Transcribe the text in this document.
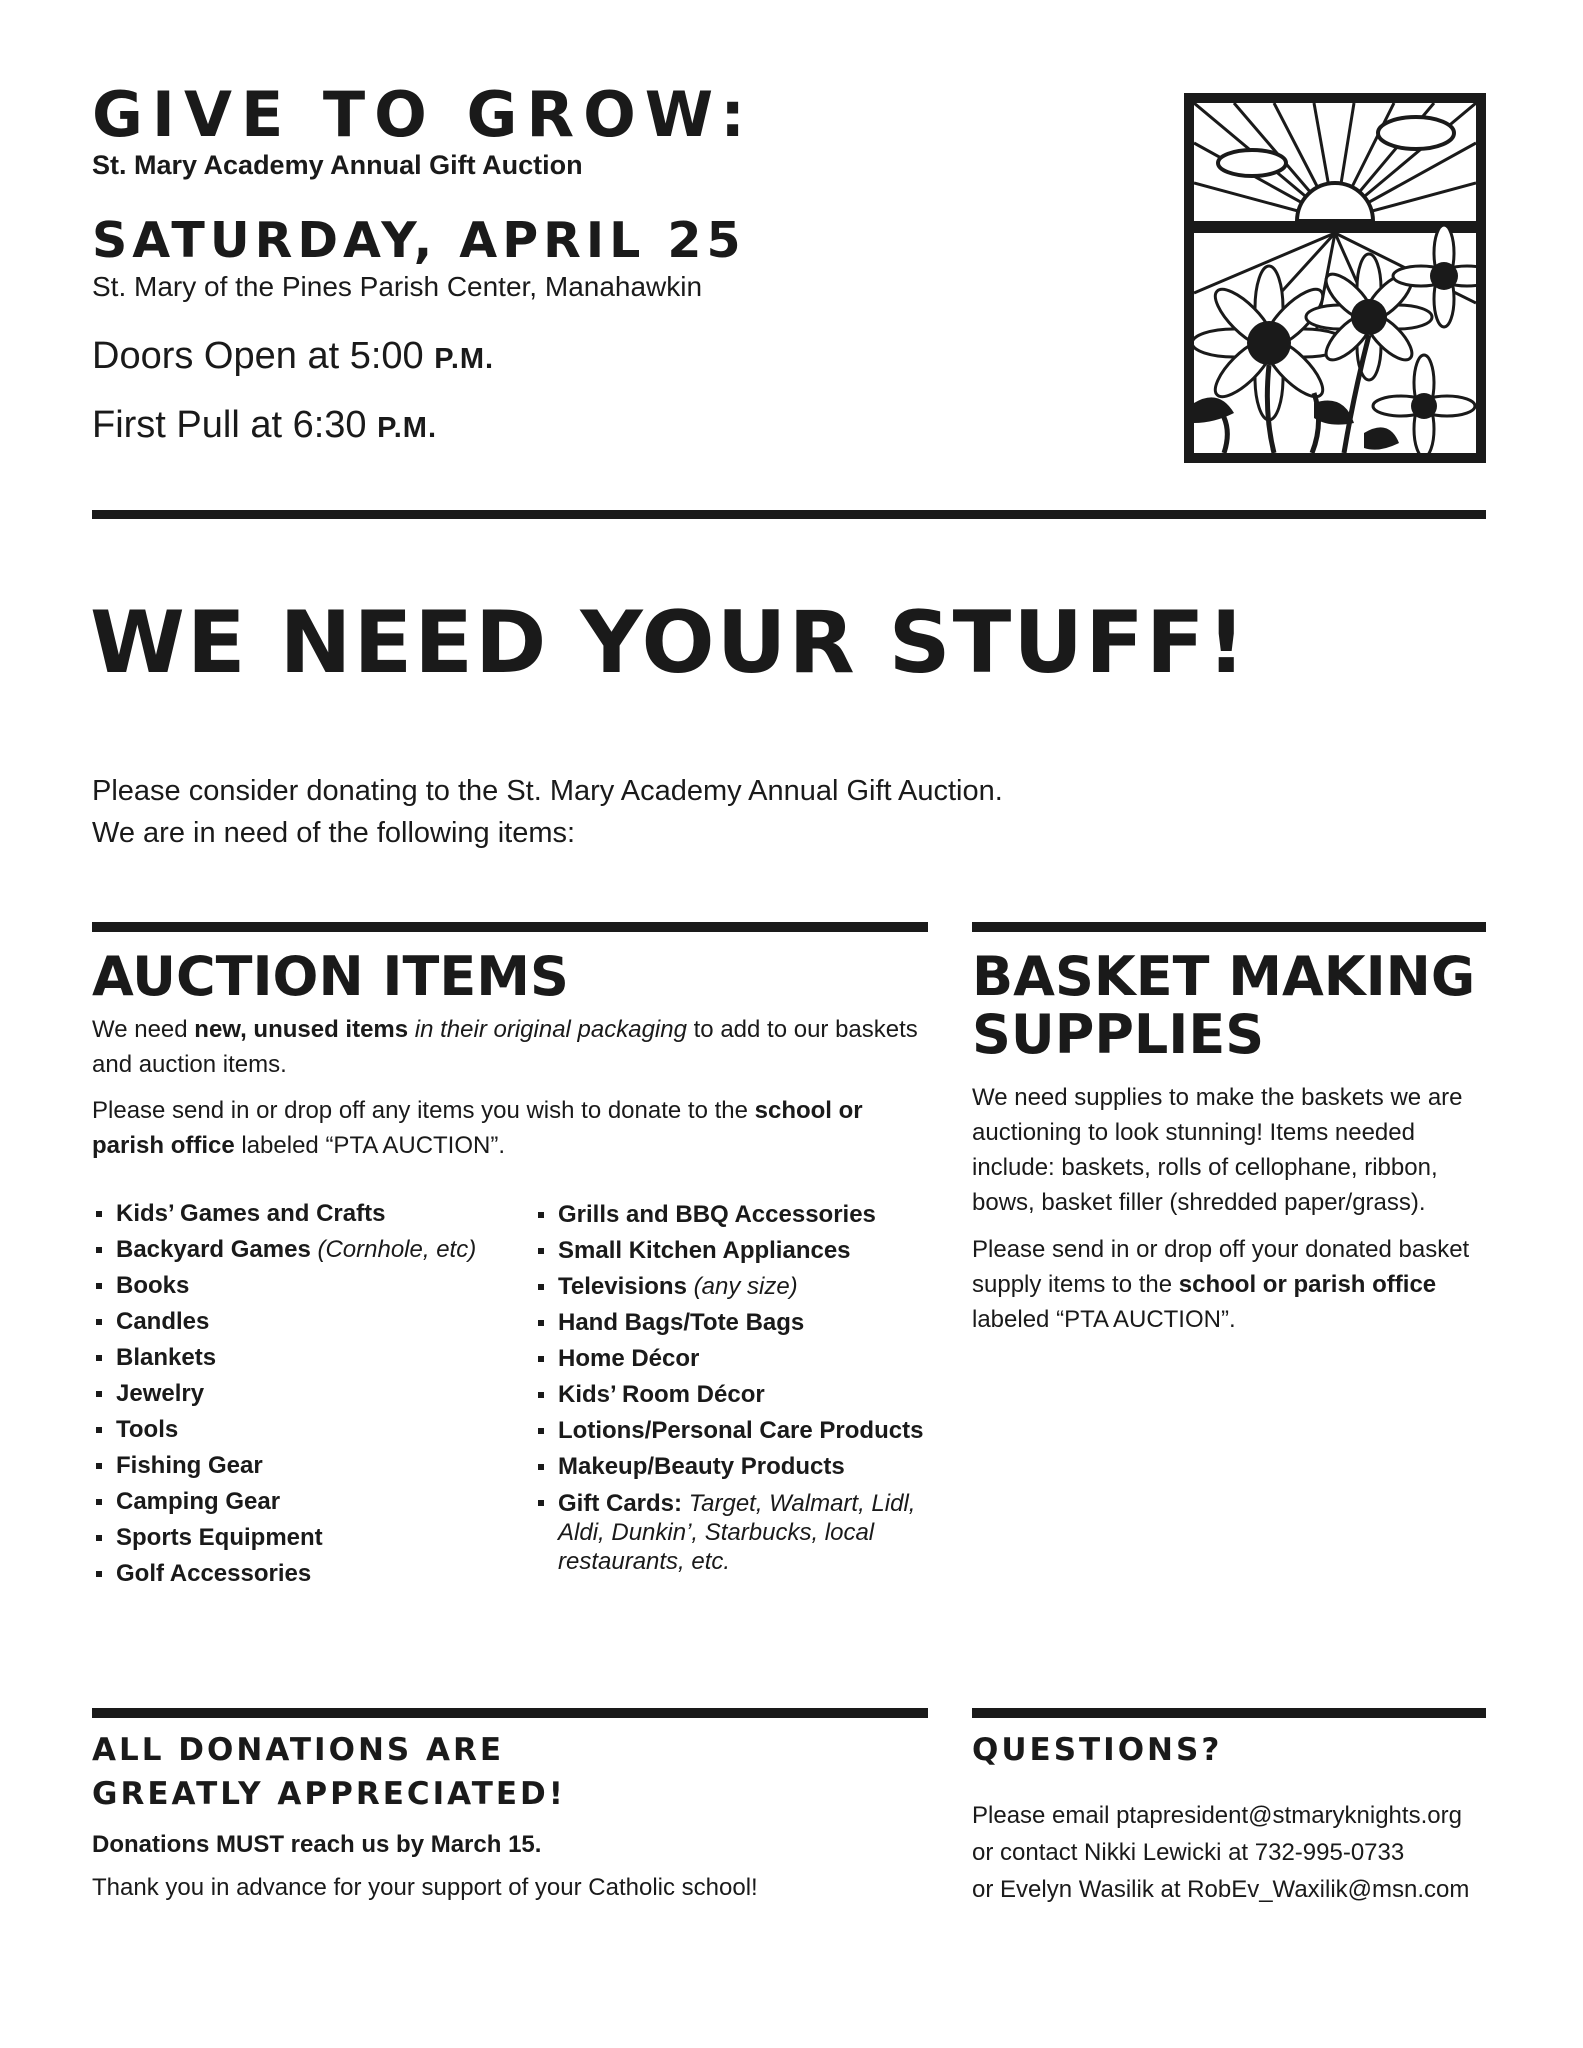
GIVE TO GROW:
St. Mary Academy Annual Gift Auction
SATURDAY, APRIL 25
St. Mary of the Pines Parish Center, Manahawkin
Doors Open at 5:00 P.M.
First Pull at 6:30 P.M.
WE NEED YOUR STUFF!
Please consider donating to the St. Mary Academy Annual Gift Auction.
We are in need of the following items:
AUCTION ITEMS
We need new, unused items in their original packaging to add to our baskets and auction items.
Please send in or drop off any items you wish to donate to the school or parish office labeled “PTA AUCTION”.
Kids’ Games and Crafts
Backyard Games (Cornhole, etc)
Books
Candles
Blankets
Jewelry
Tools
Fishing Gear
Camping Gear
Sports Equipment
Golf Accessories
Grills and BBQ Accessories
Small Kitchen Appliances
Televisions (any size)
Hand Bags/Tote Bags
Home Décor
Kids’ Room Décor
Lotions/Personal Care Products
Makeup/Beauty Products
Gift Cards: Target, Walmart, Lidl, Aldi, Dunkin’, Starbucks, local restaurants, etc.
BASKET MAKING
SUPPLIES
We need supplies to make the baskets we are auctioning to look stunning! Items needed include: baskets, rolls of cellophane, ribbon, bows, basket filler (shredded paper/grass).
Please send in or drop off your donated basket supply items to the school or parish office labeled “PTA AUCTION”.
ALL DONATIONS ARE
GREATLY APPRECIATED!
Donations MUST reach us by March 15.
Thank you in advance for your support of your Catholic school!
QUESTIONS?
Please email ptapresident@stmaryknights.org
or contact Nikki Lewicki at 732-995-0733
or Evelyn Wasilik at RobEv_Waxilik@msn.com
